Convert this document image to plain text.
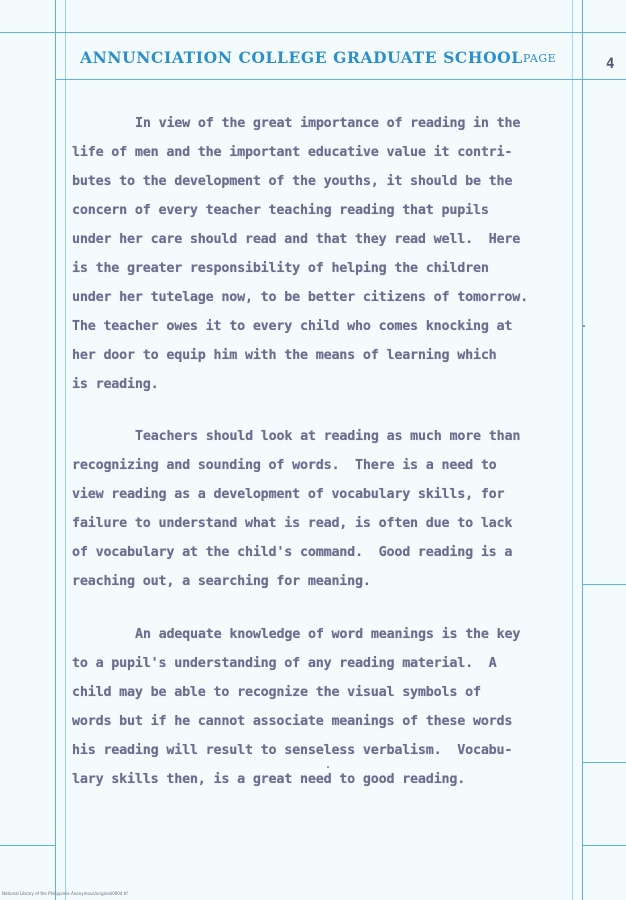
ANNUNCIATION COLLEGE GRADUATE SCHOOL PAGE	4
In view of the great importance of reading in the
life of men and the important educative value it contri-
butes to the development of the youths, it should be the
concern of every teacher teaching reading that pupils
under her care should read and that they read well.  Here
is the greater responsibility of helping the children
under her tutelage now, to be better citizens of tomorrow.
The teacher owes it to every child who comes knocking at
her door to equip him with the means of learning which
is reading.
Teachers should look at reading as much more than
recognizing and sounding of words.  There is a need to
view reading as a development of vocabulary skills, for
failure to understand what is read, is often due to lack
of vocabulary at the child's command.  Good reading is a
reaching out, a searching for meaning.
An adequate knowledge of word meanings is the key
to a pupil's understanding of any reading material.  A
child may be able to recognize the visual symbols of
words but if he cannot associate meanings of these words
his reading will result to senseless verbalism.  Vocabu-
lary skills then, is a great need to good reading.
National Library of the Philippines Anonymous/original/0004.tif
